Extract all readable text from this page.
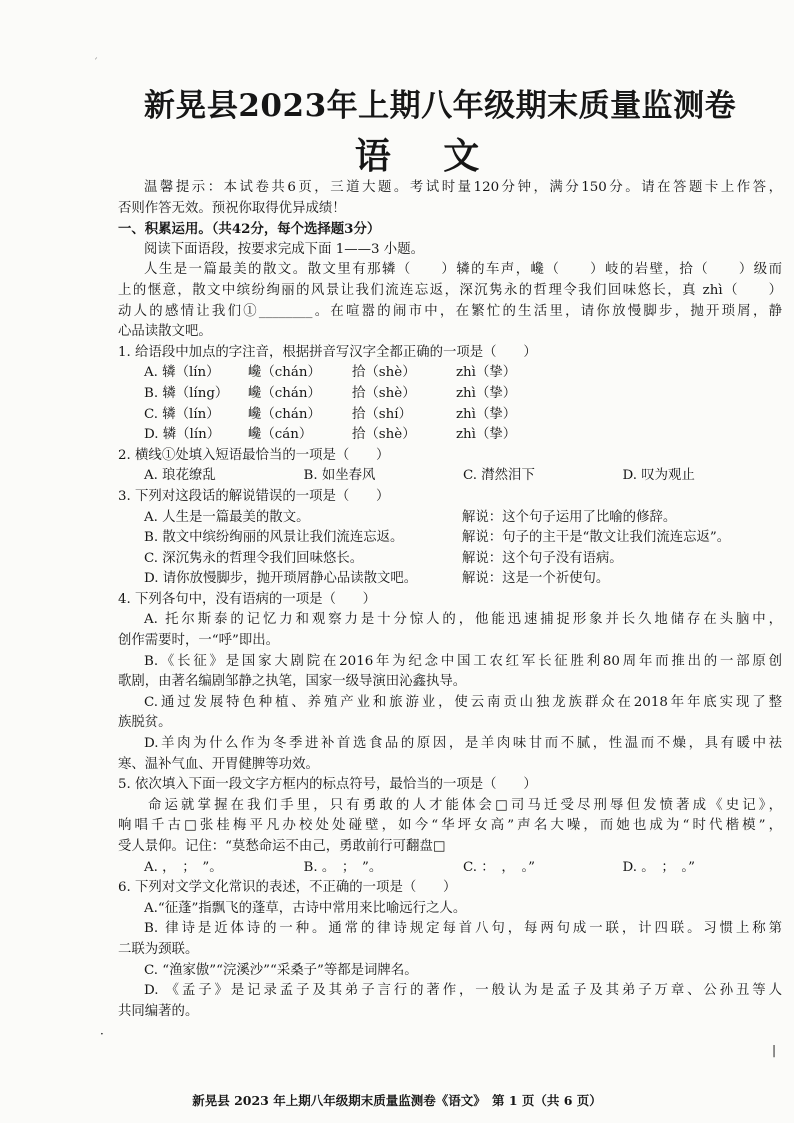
ˊ
新晃县2023年上期八年级期末质量监测卷
语 文
温馨提示：本试卷共6页，三道大题。考试时量120分钟，满分150分。请在答题卡上作答，
否则作答无效。预祝你取得优异成绩！
一、积累运用。（共42分，每个选择题3分）
阅读下面语段，按要求完成下面 1——3 小题。
人生是一篇最美的散文。散文里有那辚（　　）辚的车声，巉（　　）岐的岩壁，拾（　　）级而
上的惬意，散文中缤纷绚丽的风景让我们流连忘返，深沉隽永的哲理令我们回味悠长，真 zhì（　　）
动人的感情让我们①________。在喧嚣的闹市中，在繁忙的生活里，请你放慢脚步，抛开琐屑，静
心品读散文吧。
1. 给语段中加点的字注音，根据拼音写汉字全都正确的一项是（　　）
A. 辚（lín）	巉（chán）	拾（shè）	zhì（挚）
B. 辚（líng）	巉（chán）	拾（shè）	zhì（挚）
C. 辚（lín）	巉（chán）	拾（shí）	zhì（挚）
D. 辚（lín）	巉（cán）	拾（shè）	zhì（挚）
2. 横线①处填入短语最恰当的一项是（　　）
A. 琅花缭乱	B. 如坐春风	C. 潸然泪下	D. 叹为观止
3. 下列对这段话的解说错误的一项是（　　）
A. 人生是一篇最美的散文。	解说：这个句子运用了比喻的修辞。
B. 散文中缤纷绚丽的风景让我们流连忘返。	解说：句子的主干是“散文让我们流连忘返”。
C. 深沉隽永的哲理令我们回味悠长。	解说：这个句子没有语病。
D. 请你放慢脚步，抛开琐屑静心品读散文吧。	解说：这是一个祈使句。
4. 下列各句中，没有语病的一项是（　　）
A. 托尔斯泰的记忆力和观察力是十分惊人的，他能迅速捕捉形象并长久地储存在头脑中，
创作需要时，一“呼”即出。
B.《长征》是国家大剧院在2016年为纪念中国工农红军长征胜利80周年而推出的一部原创
歌剧，由著名编剧邹静之执笔，国家一级导演田沁鑫执导。
C.通过发展特色种植、养殖产业和旅游业，使云南贡山独龙族群众在2018年年底实现了整
族脱贫。
D.羊肉为什么作为冬季进补首选食品的原因，是羊肉味甘而不腻，性温而不燥，具有暖中祛
寒、温补气血、开胃健脾等功效。
5. 依次填入下面一段文字方框内的标点符号，最恰当的一项是（　　）
命运就掌握在我们手里，只有勇敢的人才能体会□司马迁受尽刑辱但发愤著成《史记》，
响唱千古□张桂梅平凡办校处处碰壁，如今“华坪女高”声名大噪，而她也成为“时代楷模”，
受人景仰。记住：“莫愁命运不由己，勇敢前行可翻盘□
A. ，　；　”。	B. 。　；　”。	C. ：　，　。”	D. 。　；　。”
6. 下列对文学文化常识的表述，不正确的一项是（　　）
A.“征蓬”指飘飞的蓬草，古诗中常用来比喻远行之人。
B. 律诗是近体诗的一种。通常的律诗规定每首八句，每两句成一联，计四联。习惯上称第
二联为颈联。
C. “渔家傲”“浣溪沙”“采桑子”等都是词牌名。
D. 《孟子》是记录孟子及其弟子言行的著作，一般认为是孟子及其弟子万章、公孙丑等人
共同编著的。
·
|
新晃县 2023 年上期八年级期末质量监测卷《语文》　第 1 页（共 6 页）
